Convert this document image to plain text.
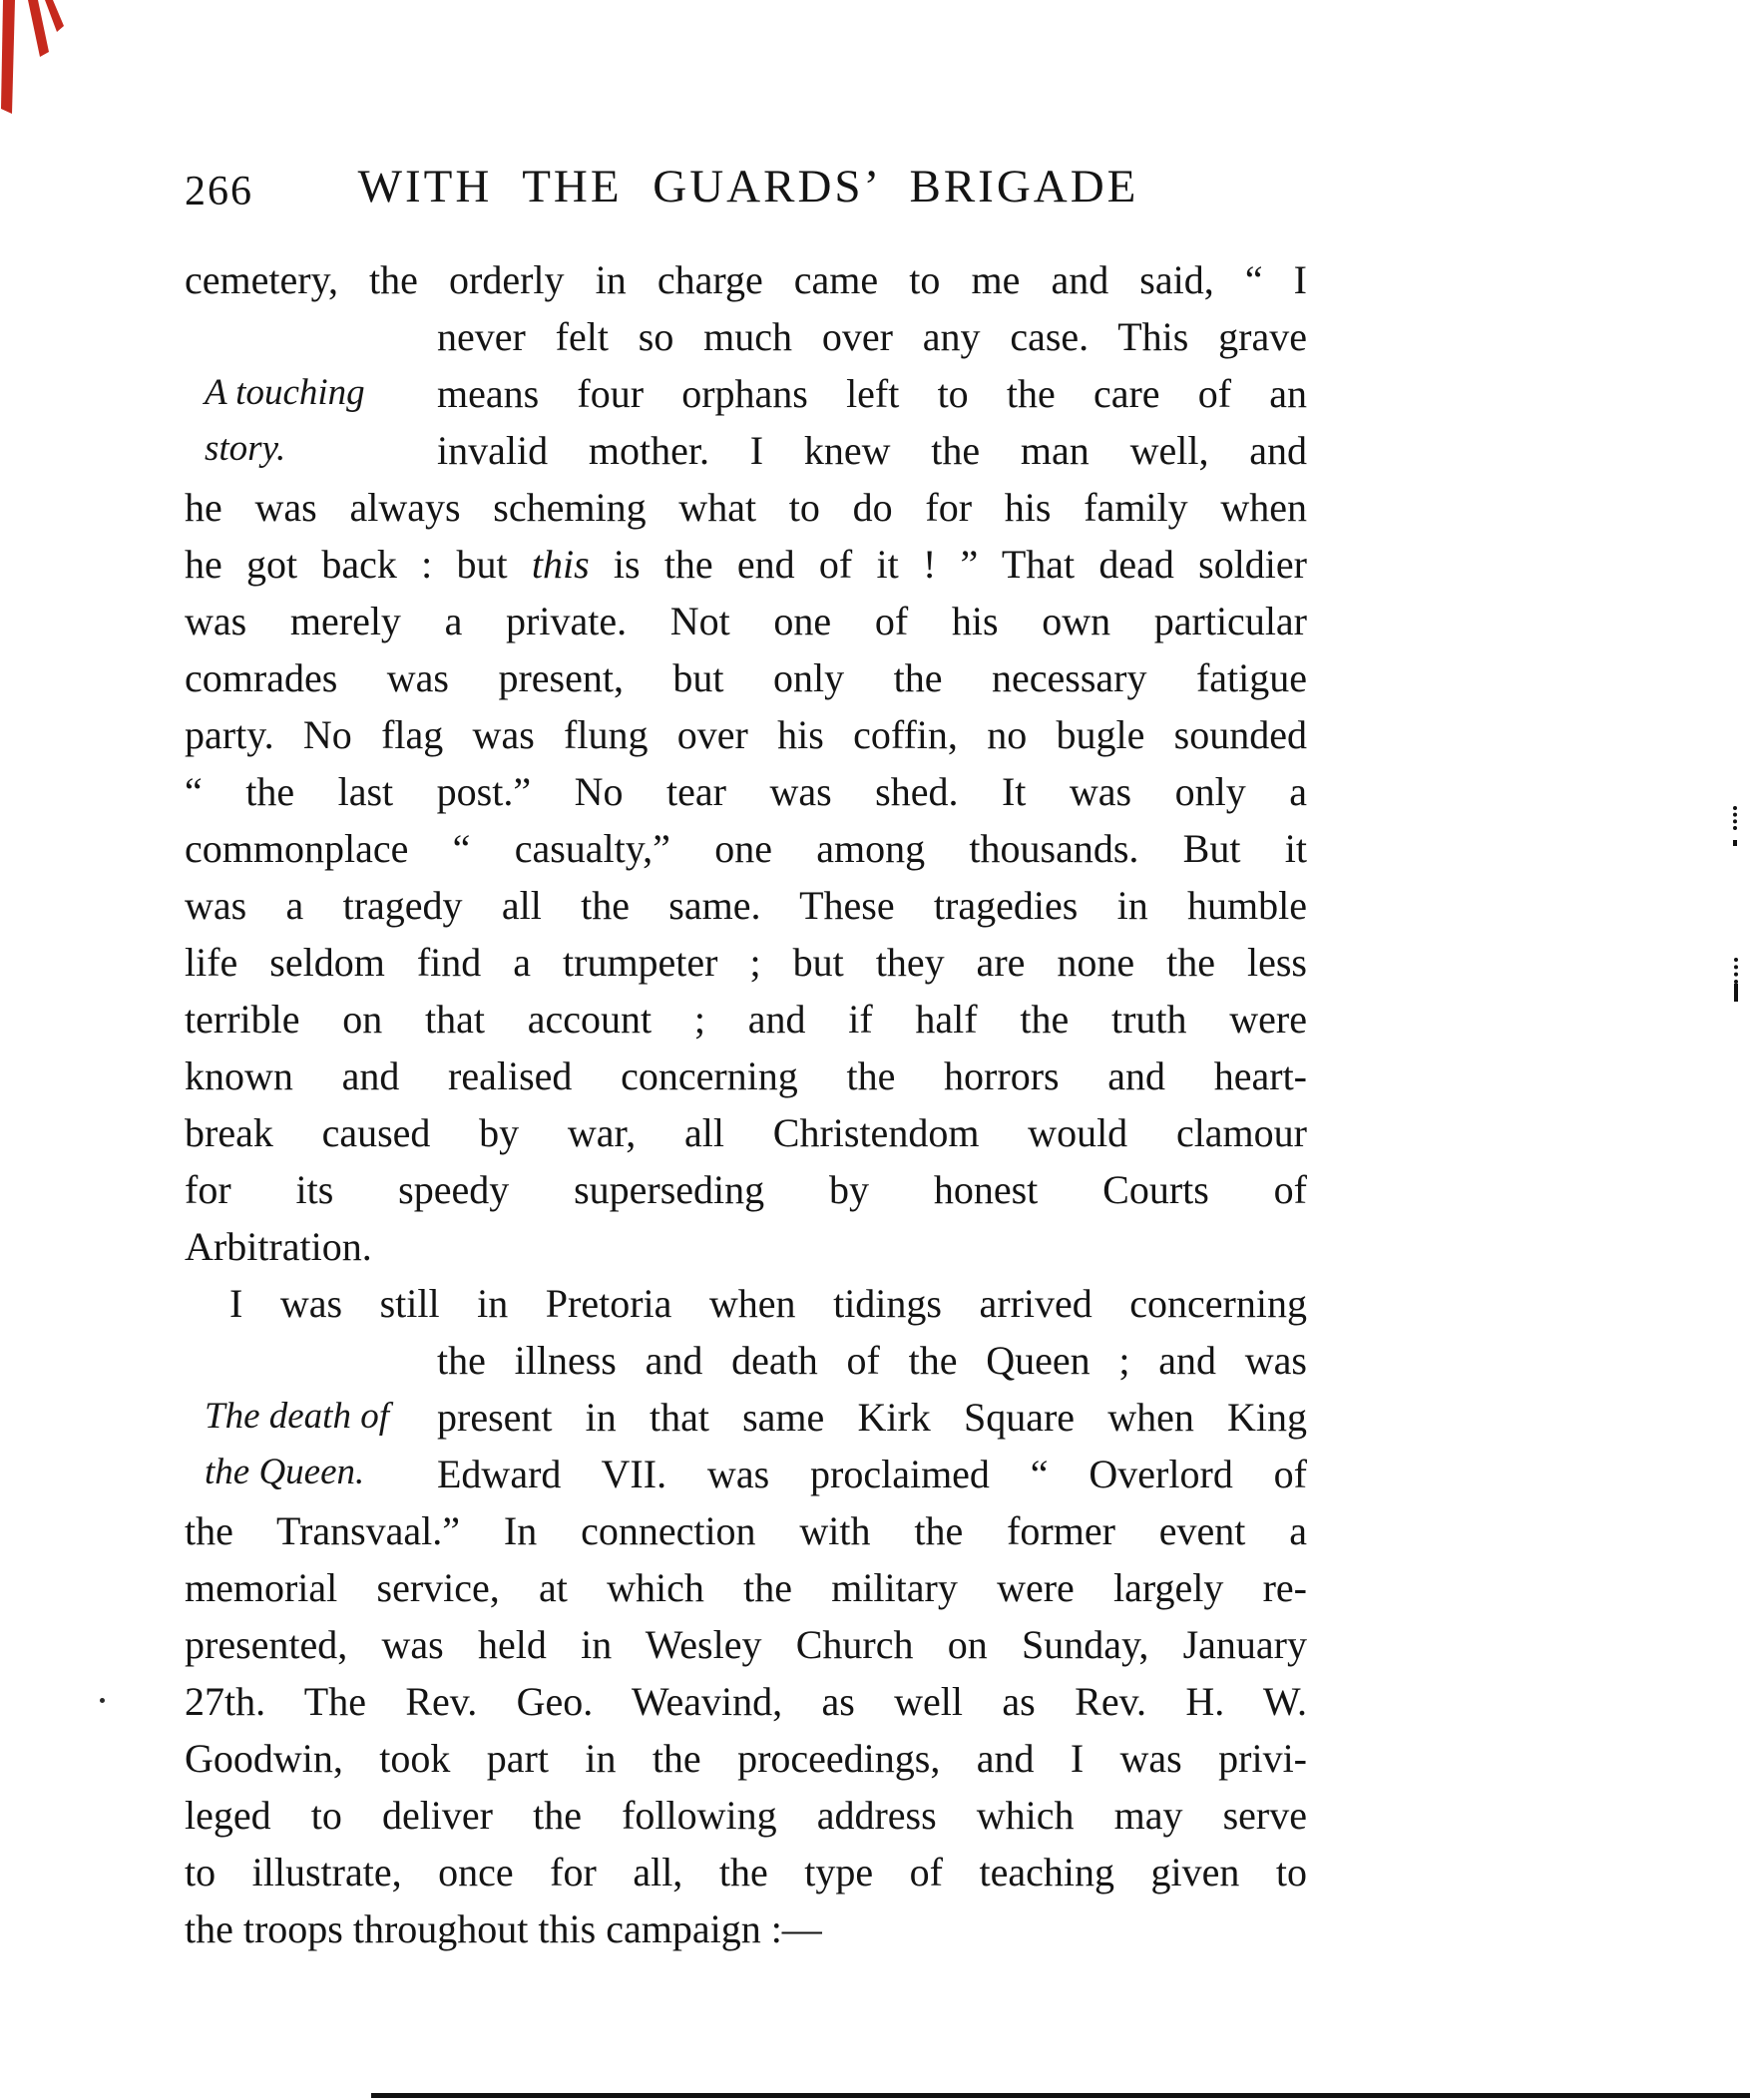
266	WITH THE GUARDS’ BRIGADE
A touching
story.
The death of
the Queen.
cemetery, the orderly in charge came to me and said, “ I
never felt so much over any case. This grave
means four orphans left to the care of an
invalid mother. I knew the man well, and
he was always scheming what to do for his family when
he got back : but this is the end of it ! ” That dead soldier
was merely a private. Not one of his own particular
comrades was present, but only the necessary fatigue
party. No flag was flung over his coffin, no bugle sounded
“ the last post.” No tear was shed. It was only a
commonplace “ casualty,” one among thousands. But it
was a tragedy all the same. These tragedies in humble
life seldom find a trumpeter ; but they are none the less
terrible on that account ; and if half the truth were
known and realised concerning the horrors and heart-
break caused by war, all Christendom would clamour
for its speedy superseding by honest Courts of
Arbitration.
I was still in Pretoria when tidings arrived concerning
the illness and death of the Queen ; and was
present in that same Kirk Square when King
Edward VII. was proclaimed “ Overlord of
the Transvaal.” In connection with the former event a
memorial service, at which the military were largely re-
presented, was held in Wesley Church on Sunday, January
27th. The Rev. Geo. Weavind, as well as Rev. H. W.
Goodwin, took part in the proceedings, and I was privi-
leged to deliver the following address which may serve
to illustrate, once for all, the type of teaching given to
the troops throughout this campaign :—
